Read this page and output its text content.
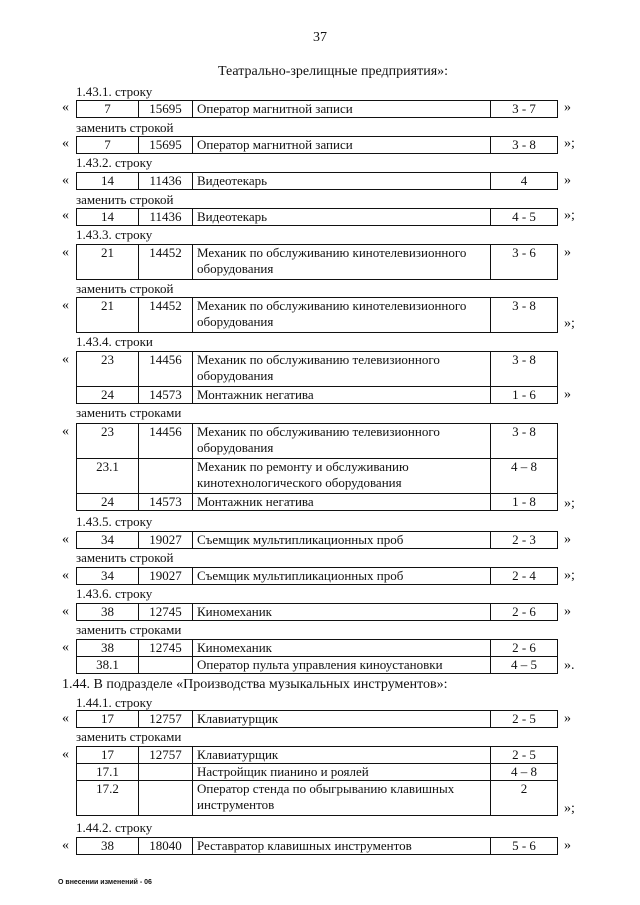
37
Театрально-зрелищные предприятия»:
1.43.1. строку
«	7	15695	Оператор магнитной записи	3 - 7 »
заменить строкой
«	7	15695	Оператор магнитной записи	3 - 8 »;
1.43.2. строку
« 14	11436	Видеотекарь	4	»
заменить строкой
« 14	11436	Видеотекарь	4 - 5 »;
1.43.3. строку
« 21	14452	Механик по обслуживанию кинотелевизионного оборудования	3 - 6 »
заменить строкой
« 21	14452	Механик по обслуживанию кинотелевизионного оборудования	3 - 8
»;
1.43.4. строки
« 23	14456	Механик по обслуживанию телевизионного оборудования	3 - 8
24	14573	Монтажник негатива	1 - 6 »
заменить строками
« 23	14456	Механик по обслуживанию телевизионного оборудования	3 - 8
23.1		Механик по ремонту и обслуживанию кинотехнологического оборудования	4 – 8
24	14573	Монтажник негатива	1 - 8 »;
1.43.5. строку
« 34	19027	Съемщик мультипликационных проб	2 - 3 »
заменить строкой
« 34	19027	Съемщик мультипликационных проб	2 - 4 »;
1.43.6. строку
« 38	12745	Киномеханик	2 - 6 »
заменить строками
« 38	12745	Киномеханик	2 - 6
38.1		Оператор пульта управления киноустановки	4 – 5 ».
1.44. В подразделе «Производства музыкальных инструментов»:
1.44.1. строку
« 17	12757	Клавиатурщик	2 - 5 »
заменить строками
« 17	12757	Клавиатурщик	2 - 5
17.1		Настройщик пианино и роялей	4 – 8
17.2		Оператор стенда по обыгрыванию клавишных инструментов	2
»;
1.44.2. строку
« 38	18040	Реставратор клавишных инструментов	5 - 6 »
О внесении изменений - 06
